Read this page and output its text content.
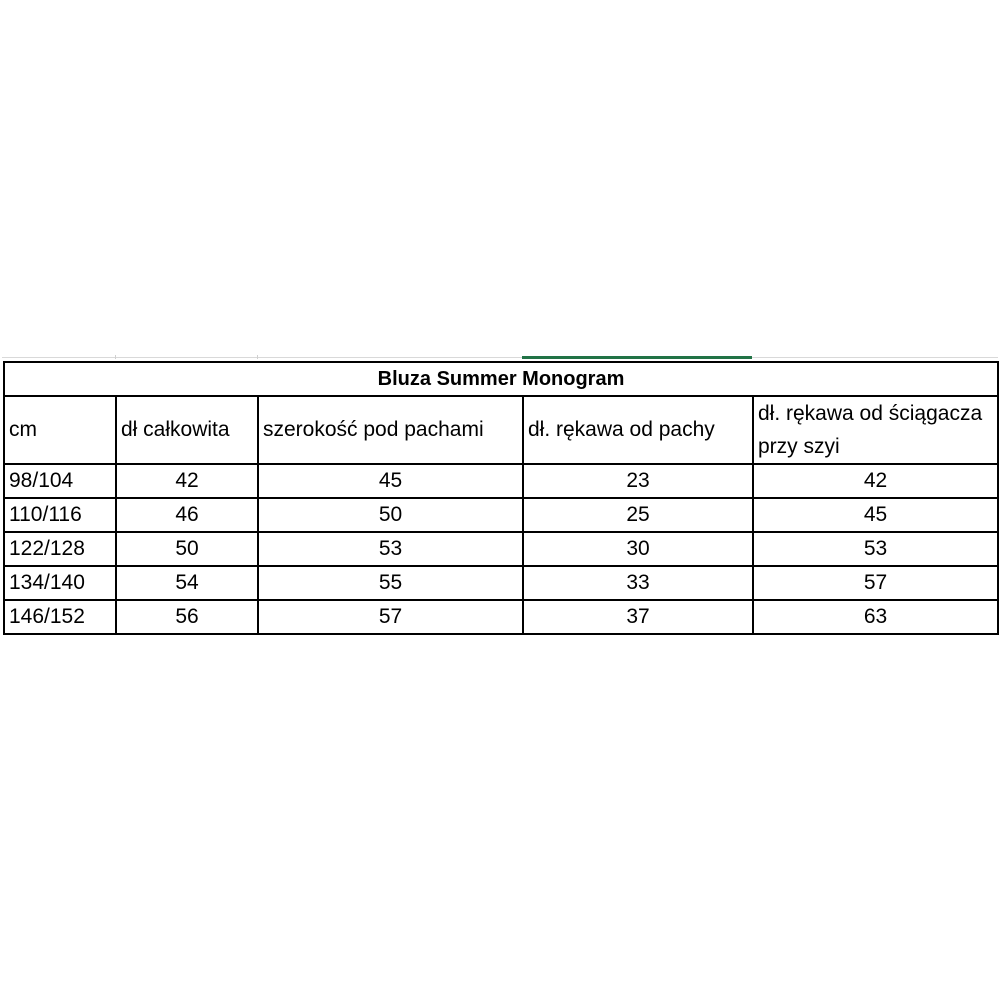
Bluza Summer Monogram				
cm	dł całkowita	szerokość pod pachami	dł. rękawa od pachy	dł. rękawa od ściągacza przy szyi
98/104	42	45	23	42
110/116	46	50	25	45
122/128	50	53	30	53
134/140	54	55	33	57
146/152	56	57	37	63
